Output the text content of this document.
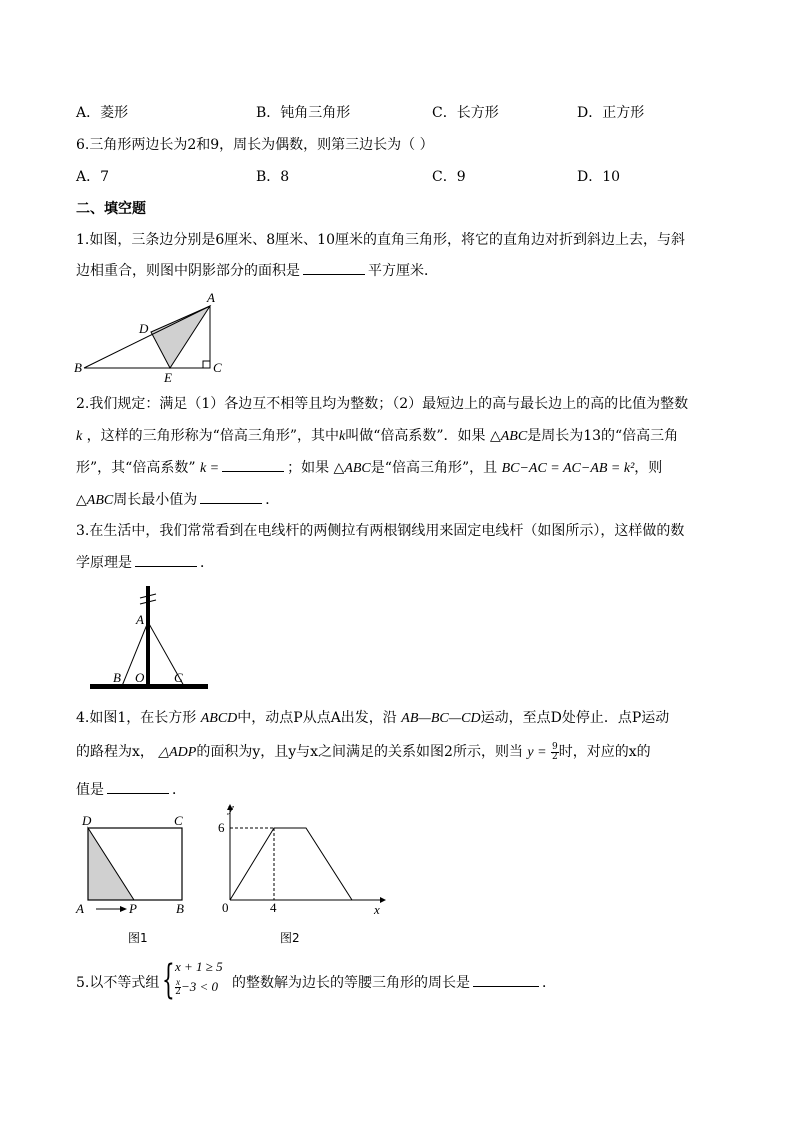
A．菱形	B．钝角三角形	C．长方形	D．正方形
6.三角形两边长为2和9，周长为偶数，则第三边长为（ ）
A．7	B．8	C．9	D．10
二、填空题
1.如图，三条边分别是6厘米、8厘米、10厘米的直角三角形，将它的直角边对折到斜边上去，与斜
边相重合，则图中阴影部分的面积是	平方厘米．
A
B	C
D
E
2.我们规定：满足（1）各边互不相等且均为整数；（2）最短边上的高与最长边上的高的比值为整数
k ，这样的三角形称为“倍高三角形”，其中k叫做“倍高系数”．如果 △ABC是周长为13的“倍高三角
形”，其“倍高系数” k =	；如果 △ABC是“倍高三角形”，且 BC−AC = AC−AB = k²，则
△ABC周长最小值为	．
3.在生活中，我们常常看到在电线杆的两侧拉有两根钢线用来固定电线杆（如图所示），这样做的数
学原理是	．
A
B O C
4.如图1，在长方形 ABCD中，动点P从点A出发，沿 AB—BC—CD运动，至点D处停止．点P运动
的路程为x， △ADP的面积为y，且y与x之间满足的关系如图2所示，则当 $y = \frac{9}{2}$ 时，对应的x的
值是	．
D	C
A	P	B
图1
y
x
6
0	4
图2
5.以不等式组 { x + 1 ≥ 5
$\frac{x}{2} -3 < 0$ 的整数解为边长的等腰三角形的周长是	．
